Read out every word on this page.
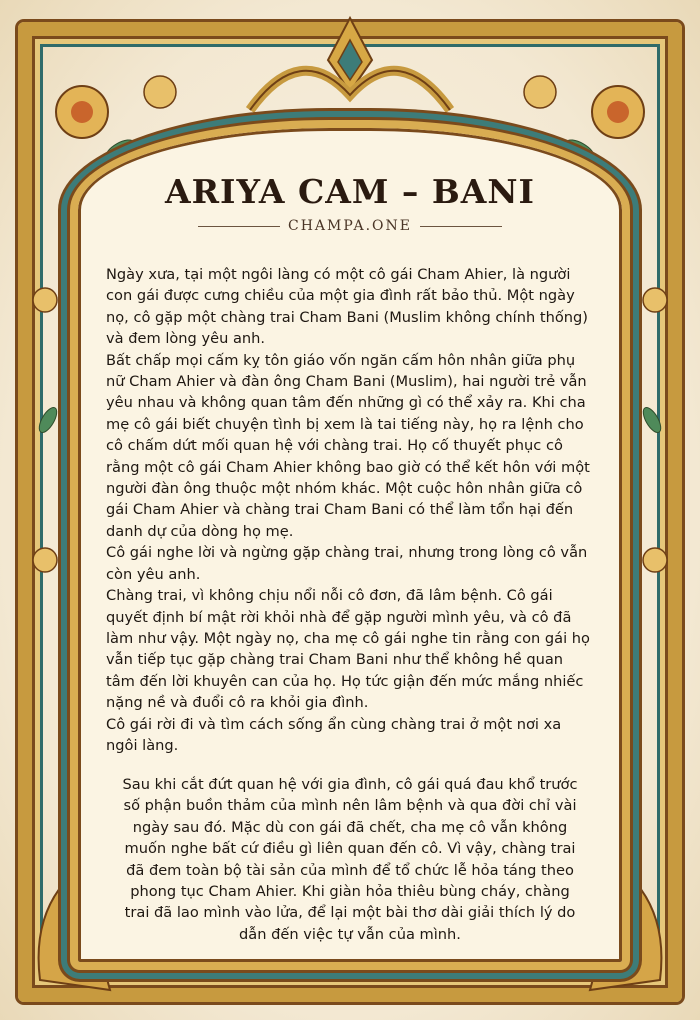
ARIYA CAM – BANI
CHAMPA.ONE

Ngày xưa, tại một ngôi làng có một cô gái Cham Ahier, là người con gái được cưng chiều của một gia đình rất bảo thủ. Một ngày nọ, cô gặp một chàng trai Cham Bani (Muslim không chính thống) và đem lòng yêu anh.

Bất chấp mọi cấm kỵ tôn giáo vốn ngăn cấm hôn nhân giữa phụ nữ Cham Ahier và đàn ông Cham Bani (Muslim), hai người trẻ vẫn yêu nhau và không quan tâm đến những gì có thể xảy ra. Khi cha mẹ cô gái biết chuyện tình bị xem là tai tiếng này, họ ra lệnh cho cô chấm dứt mối quan hệ với chàng trai. Họ cố thuyết phục cô rằng một cô gái Cham Ahier không bao giờ có thể kết hôn với một người đàn ông thuộc một nhóm khác. Một cuộc hôn nhân giữa cô gái Cham Ahier và chàng trai Cham Bani có thể làm tổn hại đến danh dự của dòng họ mẹ.

Cô gái nghe lời và ngừng gặp chàng trai, nhưng trong lòng cô vẫn còn yêu anh.

Chàng trai, vì không chịu nổi nỗi cô đơn, đã lâm bệnh. Cô gái quyết định bí mật rời khỏi nhà để gặp người mình yêu, và cô đã làm như vậy. Một ngày nọ, cha mẹ cô gái nghe tin rằng con gái họ vẫn tiếp tục gặp chàng trai Cham Bani như thể không hề quan tâm đến lời khuyên can của họ. Họ tức giận đến mức mắng nhiếc nặng nề và đuổi cô ra khỏi gia đình.

Cô gái rời đi và tìm cách sống ẩn cùng chàng trai ở một nơi xa ngôi làng.

Sau khi cắt đứt quan hệ với gia đình, cô gái quá đau khổ trước số phận buồn thảm của mình nên lâm bệnh và qua đời chỉ vài ngày sau đó. Mặc dù con gái đã chết, cha mẹ cô vẫn không muốn nghe bất cứ điều gì liên quan đến cô. Vì vậy, chàng trai đã đem toàn bộ tài sản của mình để tổ chức lễ hỏa táng theo phong tục Cham Ahier. Khi giàn hỏa thiêu bùng cháy, chàng trai đã lao mình vào lửa, để lại một bài thơ dài giải thích lý do dẫn đến việc tự vẫn của mình.
